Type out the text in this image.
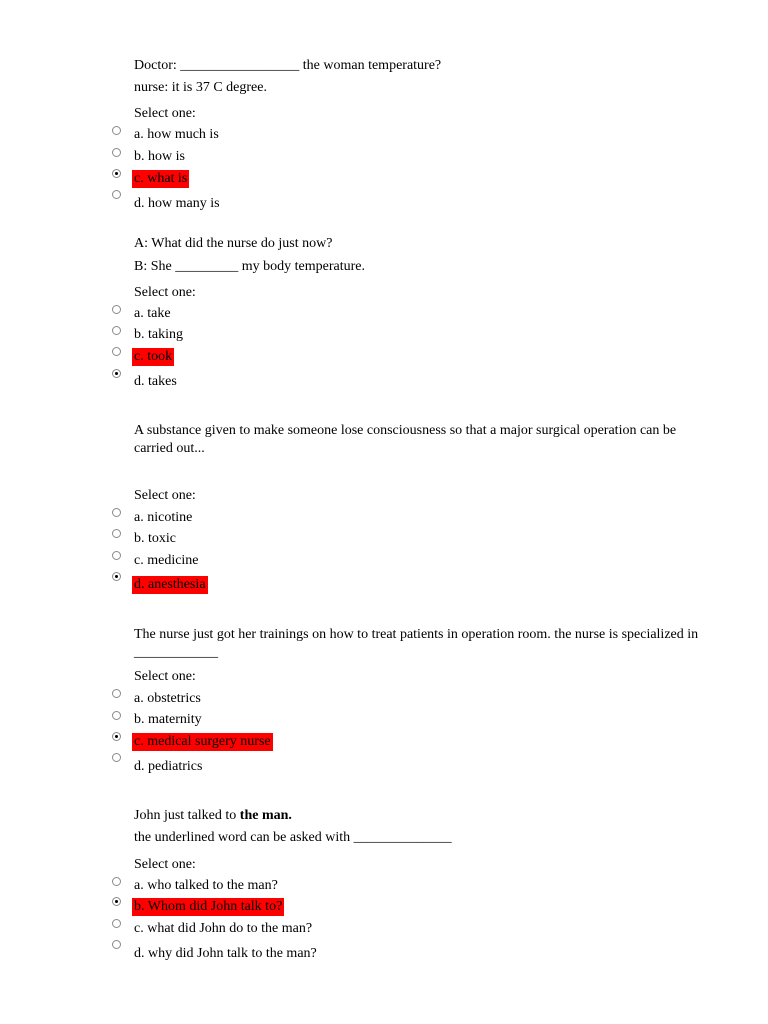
Doctor: _________________ the woman temperature?
nurse: it is 37 C degree.
Select one:
a. how much is
b. how is
c. what is
d. how many is
A: What did the nurse do just now?
B: She _________ my body temperature.
Select one:
a. take
b. taking
c. took
d. takes
A substance given to make someone lose consciousness so that a major surgical operation can be carried out...
Select one:
a. nicotine
b. toxic
c. medicine
d. anesthesia
The nurse just got her trainings on how to treat patients in operation room. the nurse is specialized in ____________
Select one:
a. obstetrics
b. maternity
c. medical surgery nurse
d. pediatrics
John just talked to the man.
the underlined word can be asked with ______________
Select one:
a. who talked to the man?
b. Whom did John talk to?
c. what did John do to the man?
d. why did John talk to the man?
